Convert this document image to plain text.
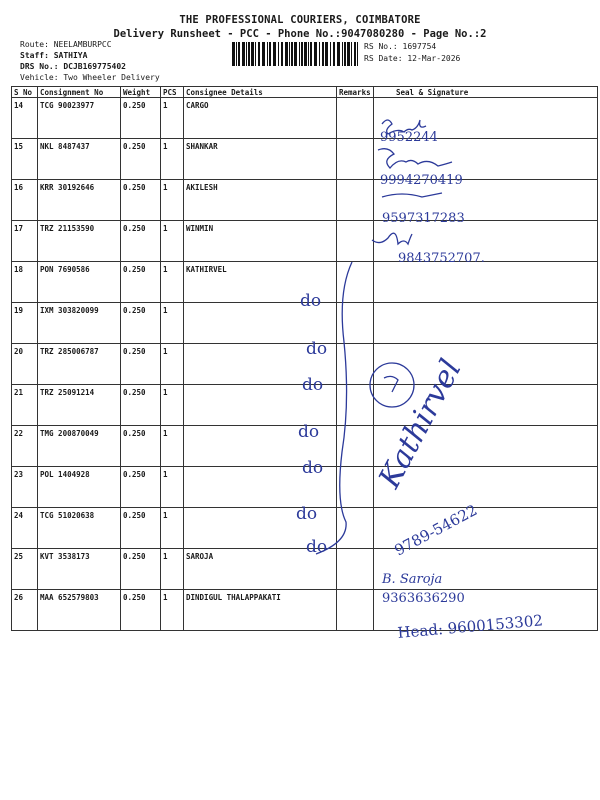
THE PROFESSIONAL COURIERS, COIMBATORE
Delivery Runsheet - PCC - Phone No.:9047080280 - Page No.:2
Route: NEELAMBURPCC
Staff: SATHIYA
DRS No.: DCJB169775402
Vehicle: Two Wheeler Delivery
RS No.: 1697754
RS Date: 12-Mar-2026
S No	Consignment No	Weight	PCS	Consignee Details	Remarks	Seal & Signature
14	TCG 90023977	0.250	1	CARGO		
15	NKL 8487437	0.250	1	SHANKAR		
16	KRR 30192646	0.250	1	AKILESH		
17	TRZ 21153590	0.250	1	WINMIN		
18	PON 7690586	0.250	1	KATHIRVEL		
19	IXM 303820099	0.250	1			
20	TRZ 285006787	0.250	1			
21	TRZ 25091214	0.250	1			
22	TMG 200870049	0.250	1			
23	POL 1404928	0.250	1			
24	TCG 51020638	0.250	1			
25	KVT 3538173	0.250	1	SAROJA		
26	MAA 652579803	0.250	1	DINDIGUL THALAPPAKATI		
9952244
9994270419
9597317283
9843752707.
do
do
do
do
do
do
do
Kathirvel
9789-54622
B. Saroja
9363636290
Head: 9600153302
